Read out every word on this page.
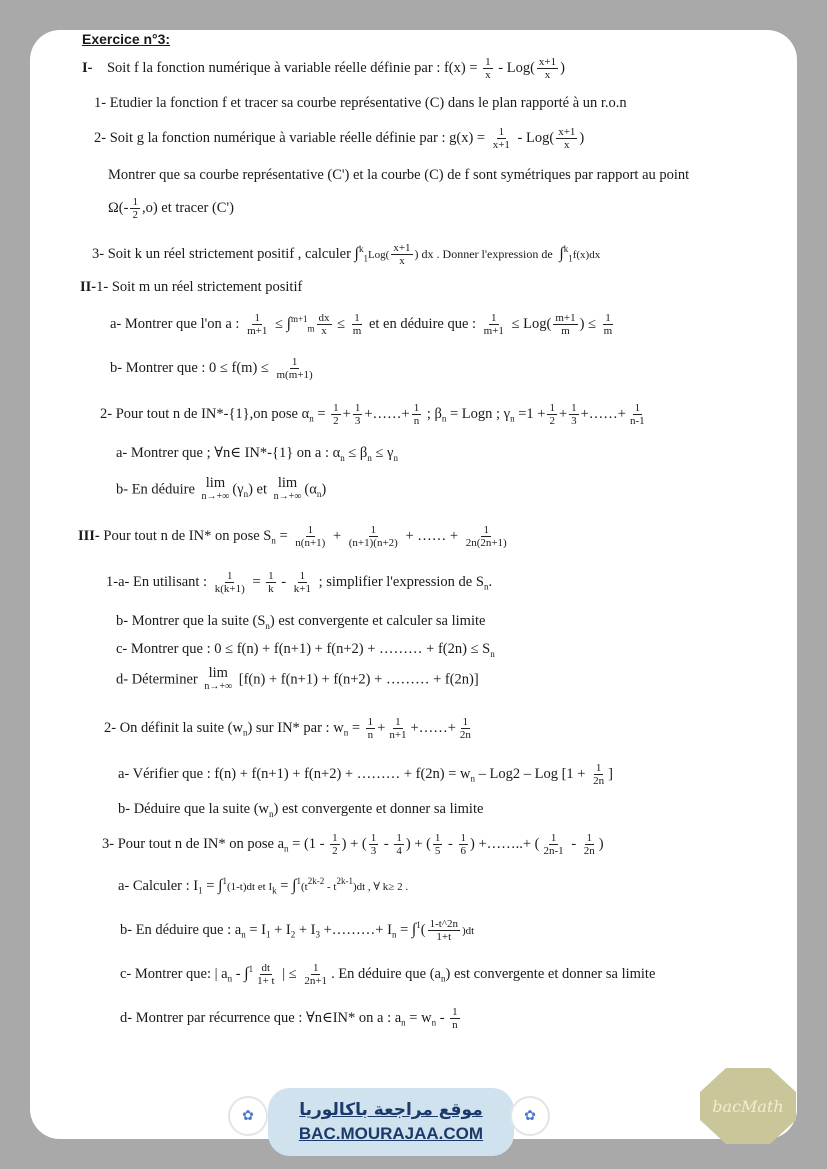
Exercice n°3:
I- Soit f la fonction numérique à variable réelle définie par : $f(x) = \frac{1}{x} - Log( \frac{x+1}{x}$ )
1- Etudier la fonction f et tracer sa courbe représentative (C) dans le plan rapporté à un r.o.n
2- Soit g la fonction numérique à variable réelle définie par : $g(x) = \frac{1}{x+1} - Log( \frac{x+1}{x}$ )
Montrer que sa courbe représentative (C') et la courbe (C) de f sont symétriques par rapport au point
$\Omega(- \frac{1}{2} ,o)$ et tracer (C')
3- Soit k un réel strictement positif , calculer $\int^k_1Log( \frac{x+1}{x}$ ) dx . Donner l'expression de  ∫$^k_1$f(x)dx
II-1- Soit m un réel strictement positif
a- Montrer que l'on a : $\frac{1}{m+1} \le \int^{m+1}_m \frac{dx}{x} \le \frac{1}{m}$ et en déduire que : $\frac{1}{m+1} \le Log( \frac{m+1}{m}$ ) ≤ $\frac{1}{m}$
b- Montrer que : $0 \le f(m) \le \frac{1}{m(m+1)}$
2- Pour tout n de IN*-{1},on pose $\alpha_n = \frac{1}{2} + \frac{1}{3}$ +……+ $\frac{1}{n}$ ; $\beta_n$ = Logn ; $\gamma_n =1 + \frac{1}{2} + \frac{1}{3}$ +……+ $\frac{1}{n-1}$
a- Montrer que ; ∀n∈ IN*-{1} on a : $\alpha_n \le \beta_n \le \gamma_n$
b- En déduire lim
n→+∞ $(\gamma_n)$ et lim
n→+∞ $(\alpha_n)$
III- Pour tout n de IN* on pose $S_n = \frac{1}{n(n+1)} + \frac{1}{(n+1)(n+2)}$ + …… + $\frac{1}{2n(2n+1)}$
1-a- En utilisant : $\frac{1}{k(k+1)} = \frac{1}{k} - \frac{1}{k+1}$ ; simplifier l'expression de $S_n$.
b- Montrer que la suite $(S_n)$ est convergente et calculer sa limite
c- Montrer que : 0 ≤ f(n) + f(n+1) + f(n+2) + ……… + $f(2n) \le S_n$
d- Déterminer lim
n→+∞ [f(n) + f(n+1) + f(n+2) + ……… + f(2n)]
2- On définit la suite $(w_n)$ sur IN* par : $w_n = \frac{1}{n} + \frac{1}{n+1}$ +……+ $\frac{1}{2n}$
a- Vérifier que : f(n) + f(n+1) + f(n+2) + ……… + $f(2n) = w_n - Log2$ – Log [$1 + \frac{1}{2n}$ ]
b- Déduire que la suite $(w_n)$ est convergente et donner sa limite
3- Pour tout n de IN* on pose $a_n = (1 - \frac{1}{2}$ ) + ( $\frac{1}{3} - \frac{1}{4}$ ) + ( $\frac{1}{5} - \frac{1}{6}$ ) +……..+ ( $\frac{1}{2n-1} - \frac{1}{2n}$ )
a- Calculer : $I_1 = \int^1(1-t)dt$ et $I_k = \int^1(t^{2k-2} - t^{2k-1})dt$ , ∀ k≥ 2 .
b- En déduire que : $a_n = I_1 + I_2 + I_3$ +………+ $I_n = \int^1( \frac{1-t\^{}2n}{1+t} )dt$
c- Montrer que: | $a_n - \int^1 \frac{dt}{1+ t}$ | ≤ $\frac{1}{2n+1}$ . En déduire que $(a_n)$ est convergente et donner sa limite
d- Montrer par récurrence que : ∀n∈IN* on a : $a_n = w_n - \frac{1}{n}$
✿	موقع مراجعة باكالوريا
BAC.MOURAJAA.COM
✿
bacMath
